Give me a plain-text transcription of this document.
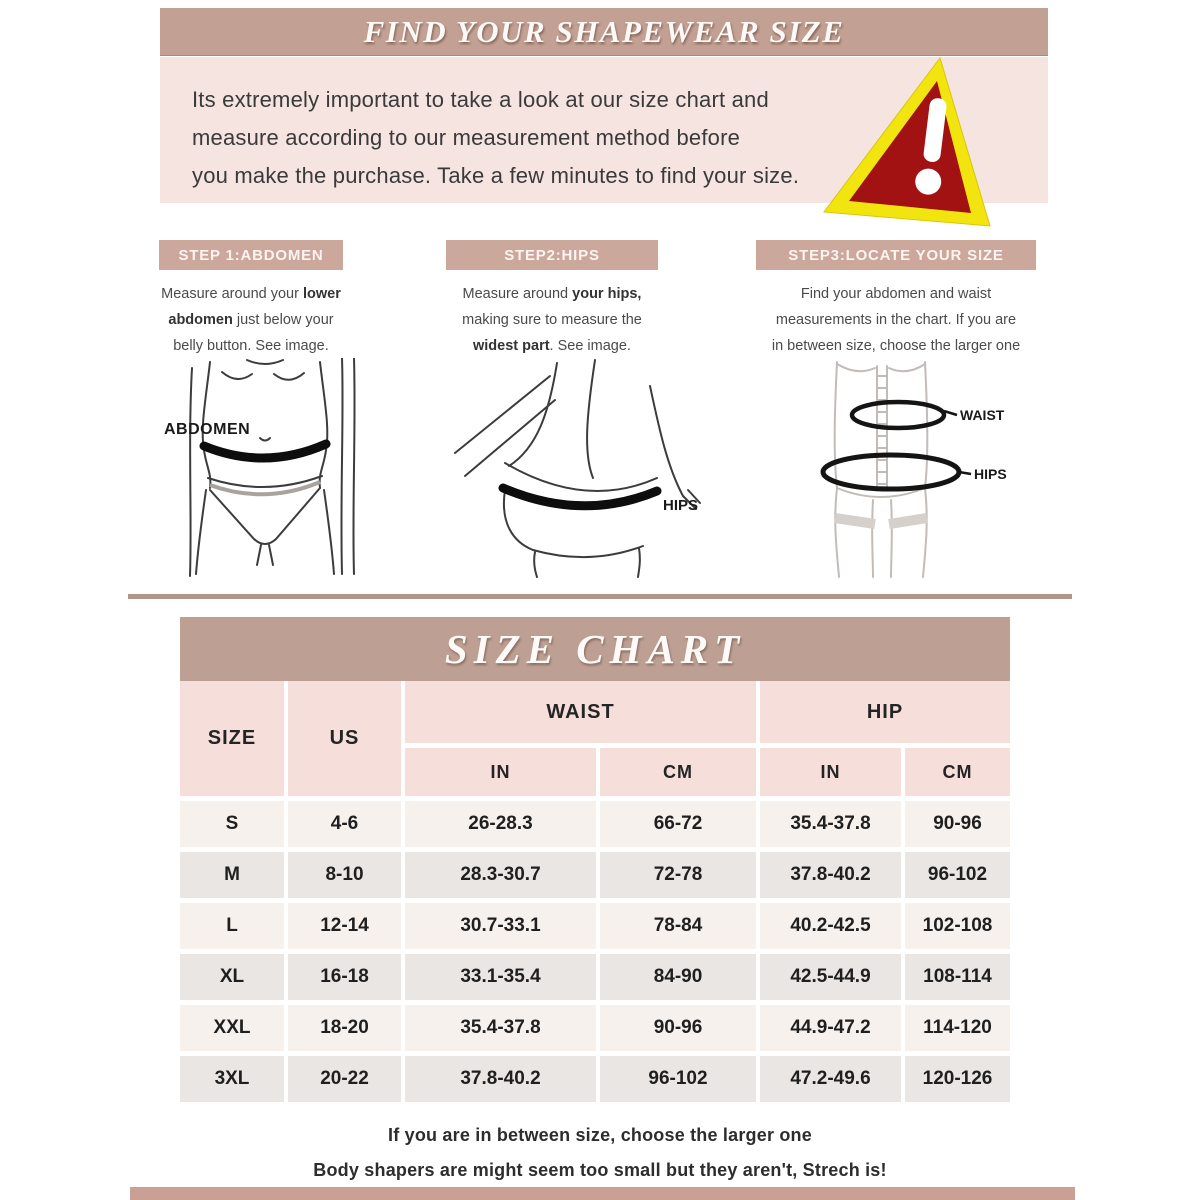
FIND YOUR SHAPEWEAR SIZE
Its extremely important to take a look at our size chart and
measure according to our measurement method before
you make the purchase. Take a few minutes to find your size.
STEP 1:ABDOMEN
Measure around your lower
abdomen just below your
belly button. See image.
STEP2:HIPS
Measure around your hips,
making sure to measure the
widest part. See image.
STEP3:LOCATE YOUR SIZE
Find your abdomen and waist
measurements in the chart. If you are
in between size, choose the larger one
ABDOMEN
HIPS
WAIST
HIPS
SIZE CHART
SIZE	US
WAIST	HIP
IN	CM	IN	CM
S	4-6	26-28.3	66-72	35.4-37.8	90-96
M	8-10	28.3-30.7	72-78	37.8-40.2	96-102
L	12-14	30.7-33.1	78-84	40.2-42.5	102-108
XL	16-18	33.1-35.4	84-90	42.5-44.9	108-114
XXL	18-20	35.4-37.8	90-96	44.9-47.2	114-120
3XL	20-22	37.8-40.2	96-102	47.2-49.6	120-126
If you are in between size, choose the larger one
Body shapers are might seem too small but they aren't, Strech is!
